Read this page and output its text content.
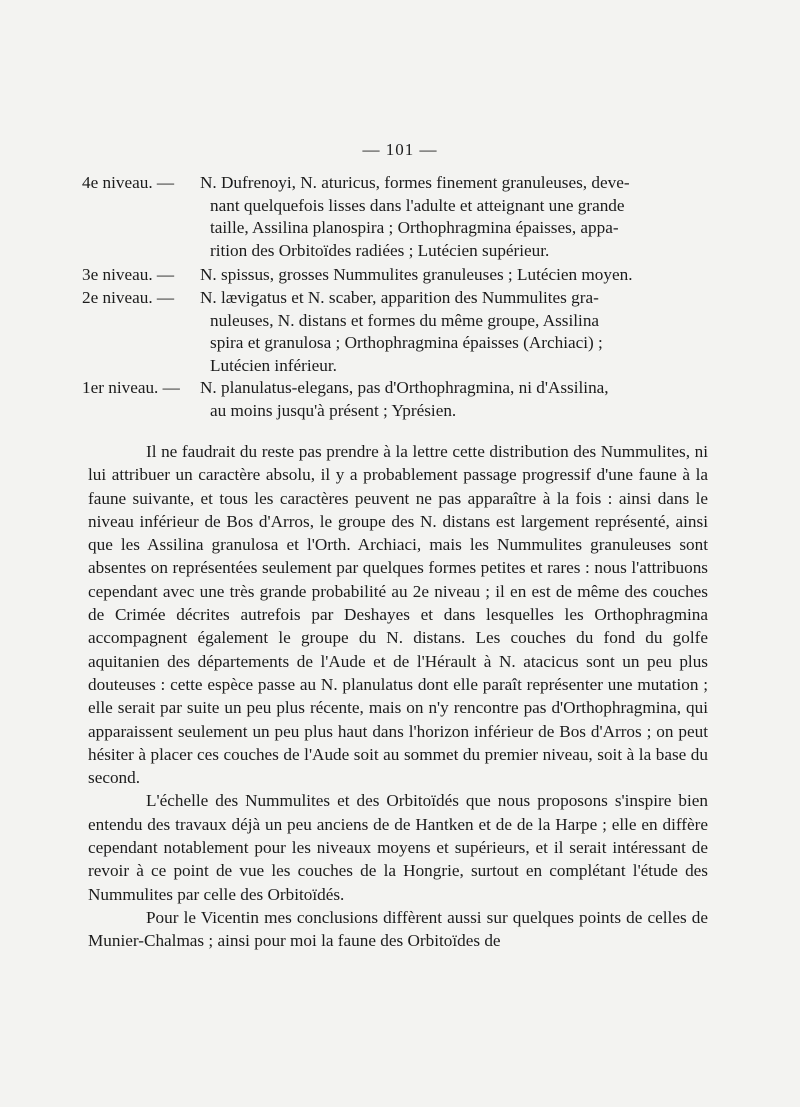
— 101 —
4e niveau. — N. Dufrenoyi, N. aturicus, formes finement granuleuses, deve-
nant quelquefois lisses dans l'adulte et atteignant une grande
taille, Assilina planospira ; Orthophragmina épaisses, appa-
rition des Orbitoïdes radiées ; Lutécien supérieur.
3e niveau. — N. spissus, grosses Nummulites granuleuses ; Lutécien moyen.
2e niveau. — N. lævigatus et N. scaber, apparition des Nummulites gra-
nuleuses, N. distans et formes du même groupe, Assilina
spira et granulosa ; Orthophragmina épaisses (Archiaci) ;
Lutécien inférieur.
1er niveau. — N. planulatus-elegans, pas d'Orthophragmina, ni d'Assilina,
au moins jusqu'à présent ; Yprésien.

Il ne faudrait du reste pas prendre à la lettre cette distribution des Nummulites, ni lui attribuer un caractère absolu, il y a probablement passage progressif d'une faune à la faune suivante, et tous les caractères peuvent ne pas apparaître à la fois : ainsi dans le niveau inférieur de Bos d'Arros, le groupe des N. distans est largement représenté, ainsi que les Assilina granulosa et l'Orth. Archiaci, mais les Nummulites granuleuses sont absentes on représentées seulement par quelques formes petites et rares : nous l'attribuons cependant avec une très grande probabilité au 2e niveau ; il en est de même des couches de Crimée décrites autrefois par Deshayes et dans lesquelles les Orthophragmina accompagnent également le groupe du N. distans. Les couches du fond du golfe aquitanien des départements de l'Aude et de l'Hérault à N. atacicus sont un peu plus douteuses : cette espèce passe au N. planulatus dont elle paraît représenter une mutation ; elle serait par suite un peu plus récente, mais on n'y rencontre pas d'Orthophragmina, qui apparaissent seulement un peu plus haut dans l'horizon inférieur de Bos d'Arros ; on peut hésiter à placer ces couches de l'Aude soit au sommet du premier niveau, soit à la base du second.

L'échelle des Nummulites et des Orbitoïdés que nous proposons s'inspire bien entendu des travaux déjà un peu anciens de de Hantken et de de la Harpe ; elle en diffère cependant notablement pour les niveaux moyens et supérieurs, et il serait intéressant de revoir à ce point de vue les couches de la Hongrie, surtout en complétant l'étude des Nummulites par celle des Orbitoïdés.

Pour le Vicentin mes conclusions diffèrent aussi sur quelques points de celles de Munier-Chalmas ; ainsi pour moi la faune des Orbitoïdes de
